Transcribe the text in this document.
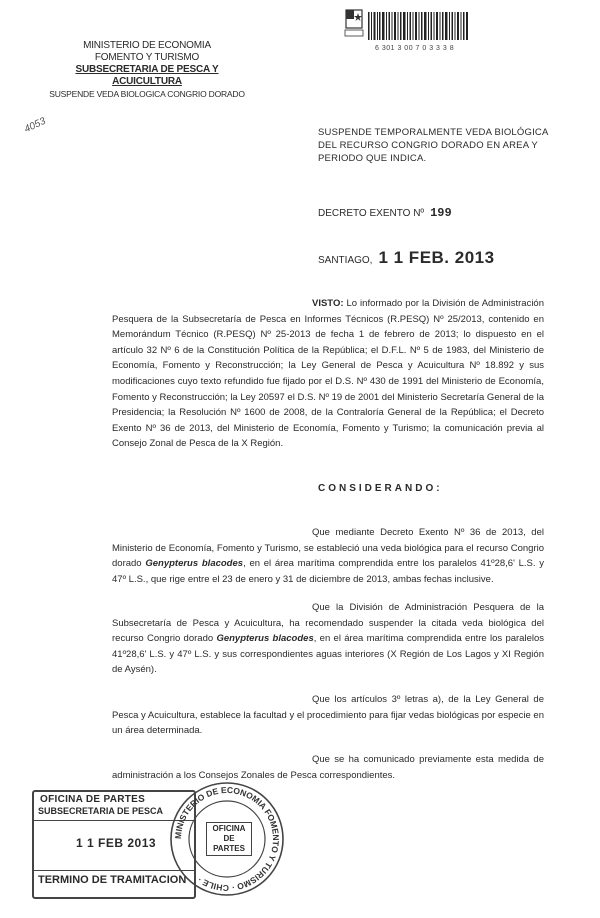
MINISTERIO DE ECONOMIA
FOMENTO Y TURISMO
SUBSECRETARIA DE PESCA Y ACUICULTURA
SUSPENDE VEDA BIOLOGICA CONGRIO DORADO
4053
6 301 3 00 7 0 3 3 3 8
SUSPENDE TEMPORALMENTE VEDA BIOLÓGICA DEL RECURSO CONGRIO DORADO EN AREA Y PERIODO QUE INDICA.
DECRETO EXENTO Nº 199
SANTIAGO, 1 1 FEB. 2013
VISTO: Lo informado por la División de Administración Pesquera de la Subsecretaría de Pesca en Informes Técnicos (R.PESQ) Nº 25/2013, contenido en Memorándum Técnico (R.PESQ) Nº 25-2013 de fecha 1 de febrero de 2013; lo dispuesto en el artículo 32 Nº 6 de la Constitución Política de la República; el D.F.L. Nº 5 de 1983, del Ministerio de Economía, Fomento y Reconstrucción; la Ley General de Pesca y Acuicultura Nº 18.892 y sus modificaciones cuyo texto refundido fue fijado por el D.S. Nº 430 de 1991 del Ministerio de Economía, Fomento y Reconstrucción; la Ley 20597 el D.S. Nº 19 de 2001 del Ministerio Secretaría General de la Presidencia; la Resolución Nº 1600 de 2008, de la Contraloría General de la República; el Decreto Exento Nº 36 de 2013, del Ministerio de Economía, Fomento y Turismo; la comunicación previa al Consejo Zonal de Pesca de la X Región.
CONSIDERANDO:
Que mediante Decreto Exento Nº 36 de 2013, del Ministerio de Economía, Fomento y Turismo, se estableció una veda biológica para el recurso Congrio dorado Genypterus blacodes, en el área marítima comprendida entre los paralelos 41º28,6' L.S. y 47º L.S., que rige entre el 23 de enero y 31 de diciembre de 2013, ambas fechas inclusive.
Que la División de Administración Pesquera de la Subsecretaría de Pesca y Acuicultura, ha recomendado suspender la citada veda biológica del recurso Congrio dorado Genypterus blacodes, en el área marítima comprendida entre los paralelos 41º28,6' L.S. y 47º L.S. y sus correspondientes aguas interiores (X Región de Los Lagos y XI Región de Aysén).
Que los artículos 3º letras a), de la Ley General de Pesca y Acuicultura, establece la facultad y el procedimiento para fijar vedas biológicas por especie en un área determinada.
Que se ha comunicado previamente esta medida de administración a los Consejos Zonales de Pesca correspondientes.
OFICINA DE PARTES
SUBSECRETARIA DE PESCA
1 1 FEB 2013
TERMINO DE TRAMITACION
MINISTERIO DE ECONOMIA FOMENTO Y TURISMO · CHILE ·
OFICINA DE PARTES
